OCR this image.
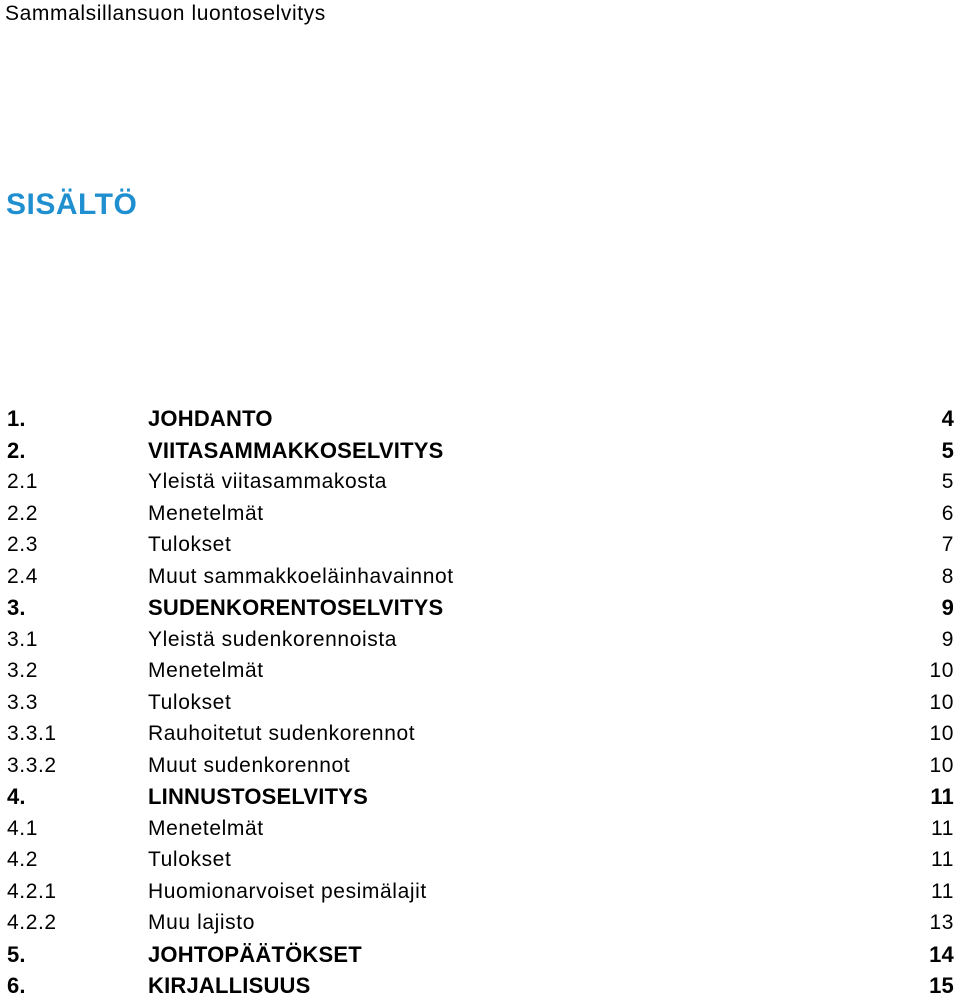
Sammalsillansuon luontoselvitys
SISÄLTÖ
1.	JOHDANTO	4
2.	VIITASAMMAKKOSELVITYS	5
2.1	Yleistä viitasammakosta	5
2.2	Menetelmät	6
2.3	Tulokset	7
2.4	Muut sammakkoeläinhavainnot	8
3.	SUDENKORENTOSELVITYS	9
3.1	Yleistä sudenkorennoista	9
3.2	Menetelmät	10
3.3	Tulokset	10
3.3.1	Rauhoitetut sudenkorennot	10
3.3.2	Muut sudenkorennot	10
4.	LINNUSTOSELVITYS	11
4.1	Menetelmät	11
4.2	Tulokset	11
4.2.1	Huomionarvoiset pesimälajit	11
4.2.2	Muu lajisto	13
5.	JOHTOPÄÄTÖKSET	14
6.	KIRJALLISUUS	15
